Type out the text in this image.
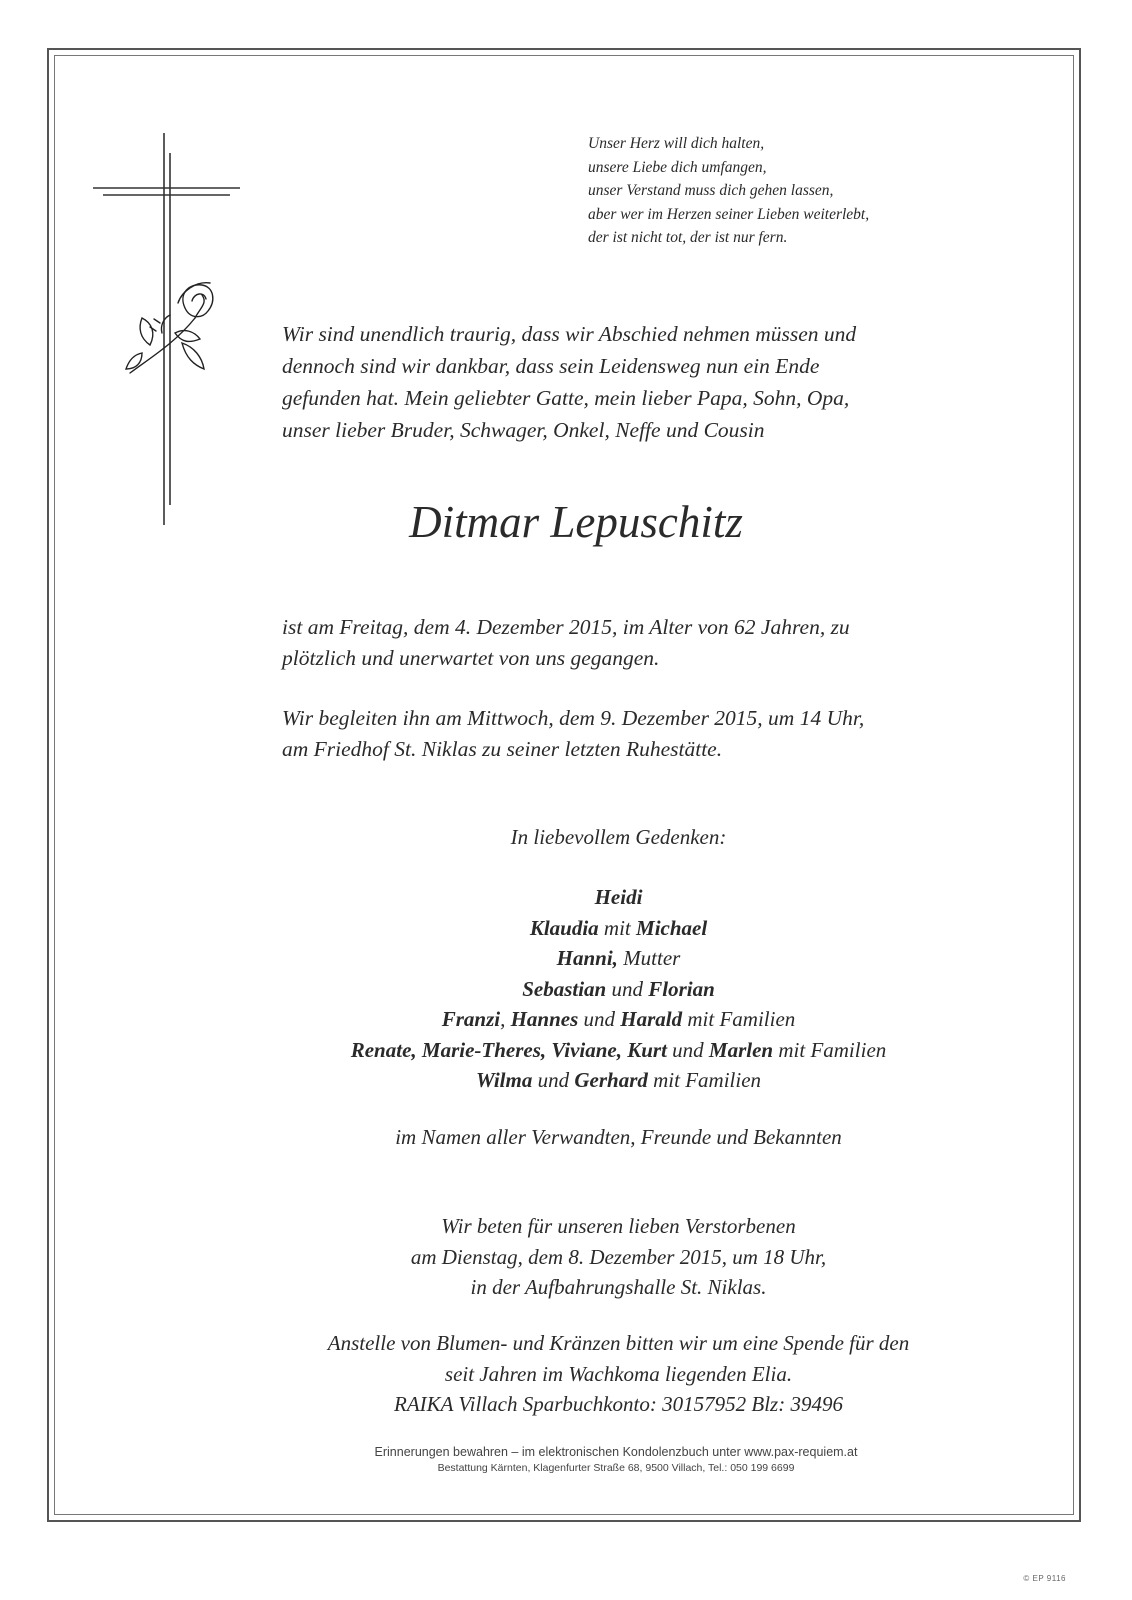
Unser Herz will dich halten,
unsere Liebe dich umfangen,
unser Verstand muss dich gehen lassen,
aber wer im Herzen seiner Lieben weiterlebt,
der ist nicht tot, der ist nur fern.
Wir sind unendlich traurig, dass wir Abschied nehmen müssen und
dennoch sind wir dankbar, dass sein Leidensweg nun ein Ende
gefunden hat. Mein geliebter Gatte, mein lieber Papa, Sohn, Opa,
unser lieber Bruder, Schwager, Onkel, Neffe und Cousin
Ditmar Lepuschitz
ist am Freitag, dem 4. Dezember 2015, im Alter von 62 Jahren, zu
plötzlich und unerwartet von uns gegangen.
Wir begleiten ihn am Mittwoch, dem 9. Dezember 2015, um 14 Uhr,
am Friedhof St. Niklas zu seiner letzten Ruhestätte.
In liebevollem Gedenken:
Heidi
Klaudia mit Michael
Hanni, Mutter
Sebastian und Florian
Franzi, Hannes und Harald mit Familien
Renate, Marie-Theres, Viviane, Kurt und Marlen mit Familien
Wilma und Gerhard mit Familien
im Namen aller Verwandten, Freunde und Bekannten
Wir beten für unseren lieben Verstorbenen
am Dienstag, dem 8. Dezember 2015, um 18 Uhr,
in der Aufbahrungshalle St. Niklas.
Anstelle von Blumen- und Kränzen bitten wir um eine Spende für den
seit Jahren im Wachkoma liegenden Elia.
RAIKA Villach Sparbuchkonto: 30157952 Blz: 39496
Erinnerungen bewahren – im elektronischen Kondolenzbuch unter www.pax-requiem.at
Bestattung Kärnten, Klagenfurter Straße 68, 9500 Villach, Tel.: 050 199 6699
© EP 9116
